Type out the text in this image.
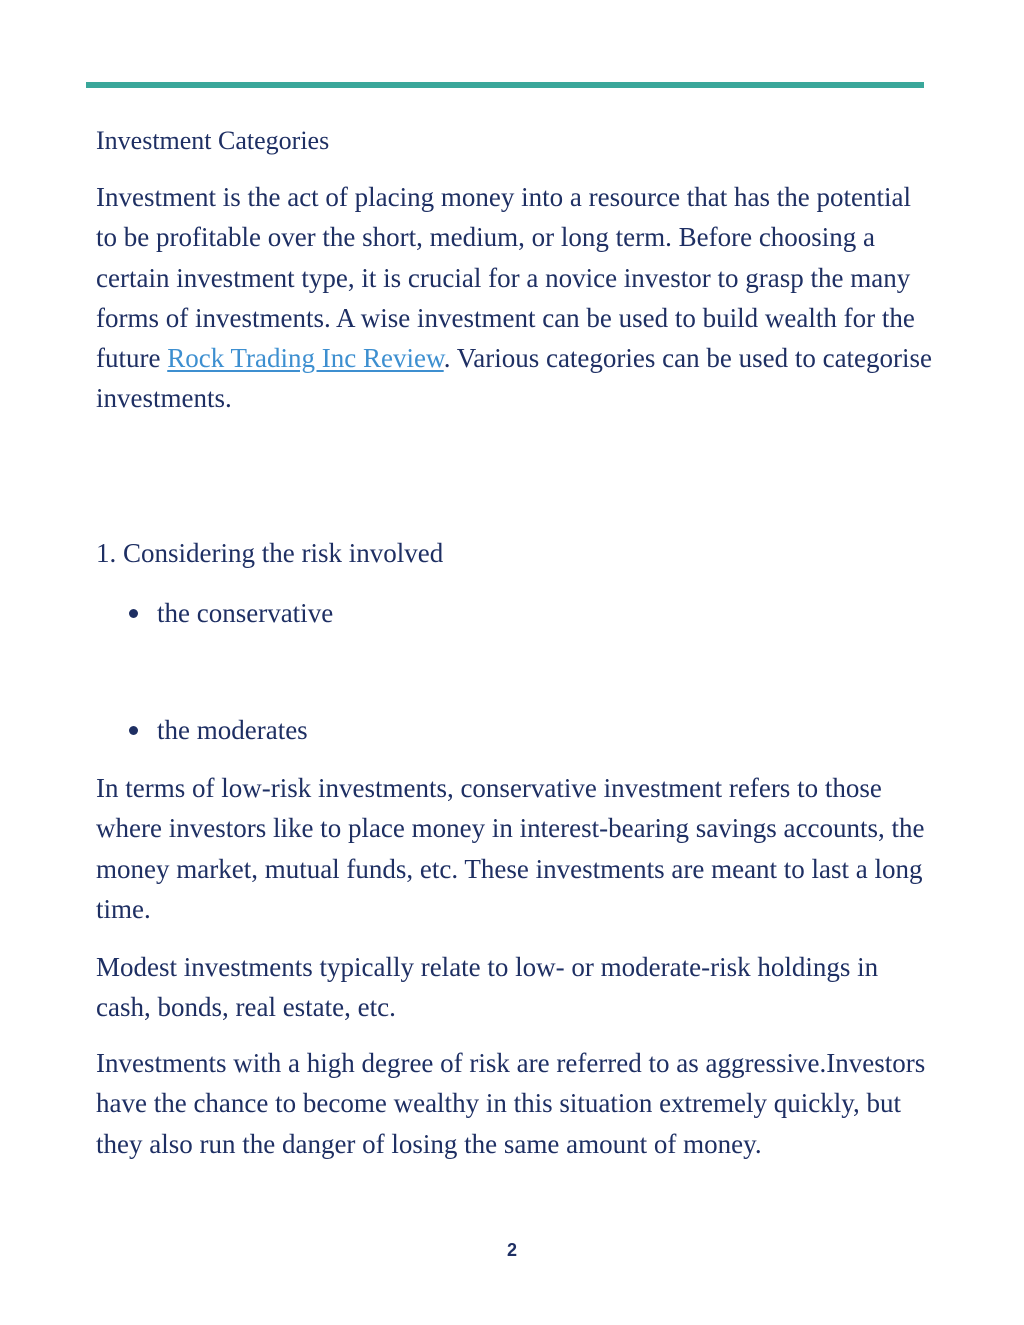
Investment Categories

Investment is the act of placing money into a resource that has the potential to be profitable over the short, medium, or long term. Before choosing a certain investment type, it is crucial for a novice investor to grasp the many forms of investments. A wise investment can be used to build wealth for the future Rock Trading Inc Review. Various categories can be used to categorise investments.

1. Considering the risk involved

the conservative
the moderates

In terms of low-risk investments, conservative investment refers to those where investors like to place money in interest-bearing savings accounts, the money market, mutual funds, etc. These investments are meant to last a long time.

Modest investments typically relate to low- or moderate-risk holdings in cash, bonds, real estate, etc.

Investments with a high degree of risk are referred to as aggressive.Investors have the chance to become wealthy in this situation extremely quickly, but they also run the danger of losing the same amount of money.

2
